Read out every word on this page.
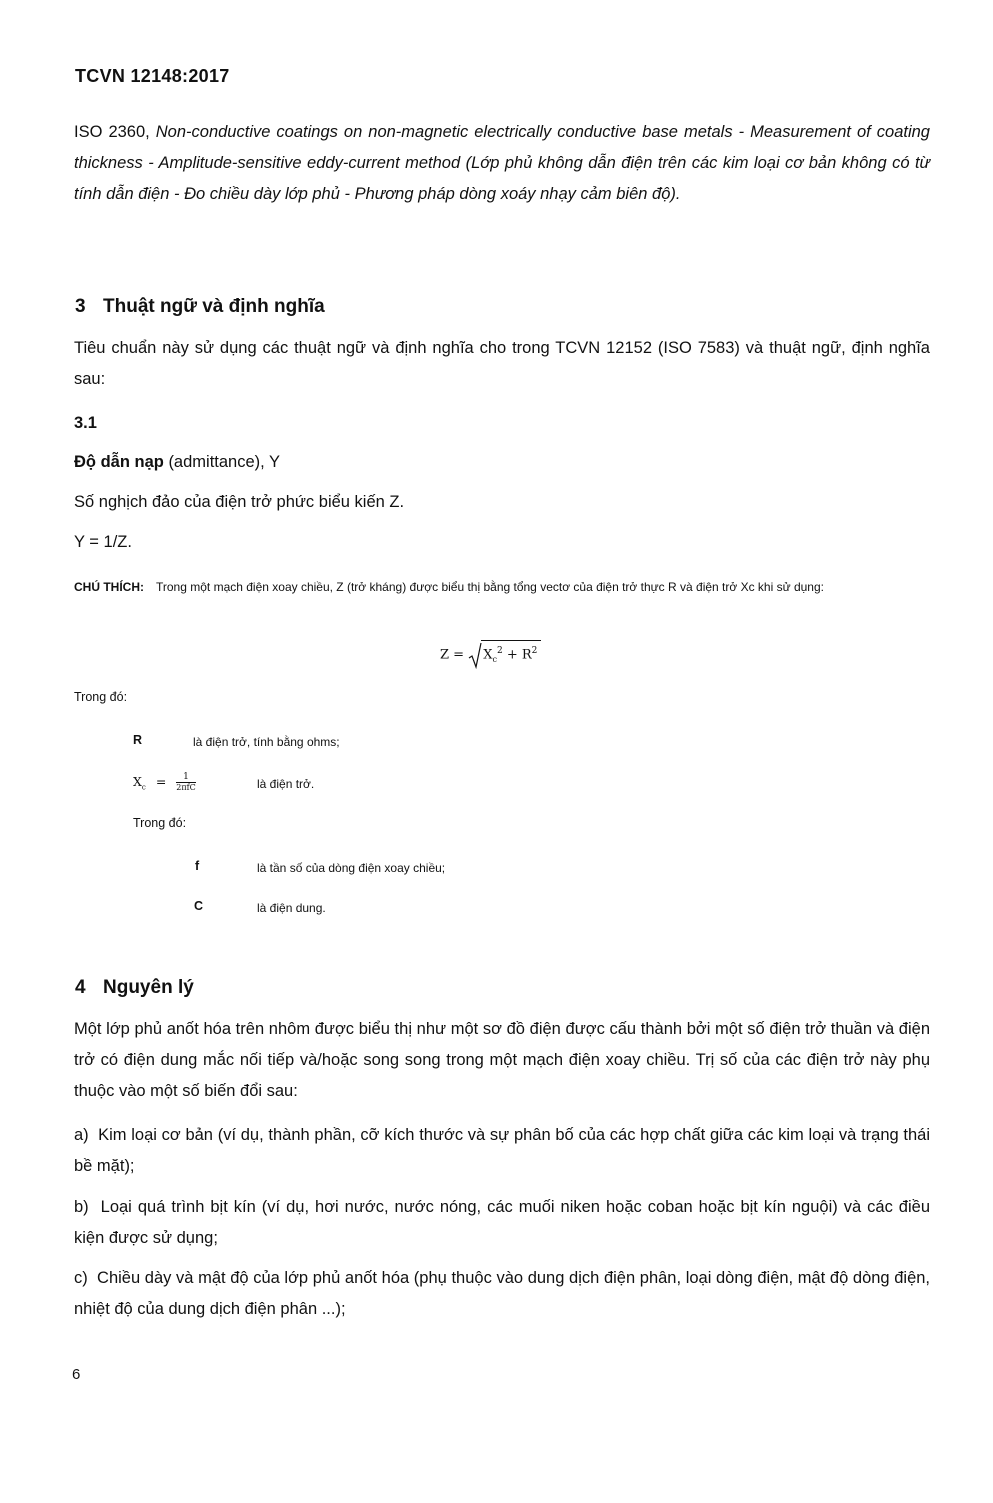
TCVN 12148:2017
ISO 2360, Non-conductive coatings on non-magnetic electrically conductive base metals - Measurement of coating thickness - Amplitude-sensitive eddy-current method (Lớp phủ không dẫn điện trên các kim loại cơ bản không có từ tính dẫn điện - Đo chiều dày lớp phủ - Phương pháp dòng xoáy nhạy cảm biên độ).
3 Thuật ngữ và định nghĩa
Tiêu chuẩn này sử dụng các thuật ngữ và định nghĩa cho trong TCVN 12152 (ISO 7583) và thuật ngữ, định nghĩa sau:
3.1
Độ dẫn nạp (admittance), Y
Số nghịch đảo của điện trở phức biểu kiến Z.
Y = 1/Z.
CHÚ THÍCH: Trong một mạch điện xoay chiều, Z (trở kháng) được biểu thị bằng tổng vectơ của điện trở thực R và điện trở Xc khi sử dụng:
$Z = X_c^2 + R^2$
Trong đó:
R	là điện trở, tính bằng ohms;
$X_c$ =	1
2πfC	là điện trở.
Trong đó:
f	là tần số của dòng điện xoay chiều;
C	là điện dung.
4 Nguyên lý
Một lớp phủ anốt hóa trên nhôm được biểu thị như một sơ đồ điện được cấu thành bởi một số điện trở thuần và điện trở có điện dung mắc nối tiếp và/hoặc song song trong một mạch điện xoay chiều. Trị số của các điện trở này phụ thuộc vào một số biến đổi sau:
a) Kim loại cơ bản (ví dụ, thành phần, cỡ kích thước và sự phân bố của các hợp chất giữa các kim loại và trạng thái bề mặt);
b) Loại quá trình bịt kín (ví dụ, hơi nước, nước nóng, các muối niken hoặc coban hoặc bịt kín nguội) và các điều kiện được sử dụng;
c) Chiều dày và mật độ của lớp phủ anốt hóa (phụ thuộc vào dung dịch điện phân, loại dòng điện, mật độ dòng điện, nhiệt độ của dung dịch điện phân ...);
6
